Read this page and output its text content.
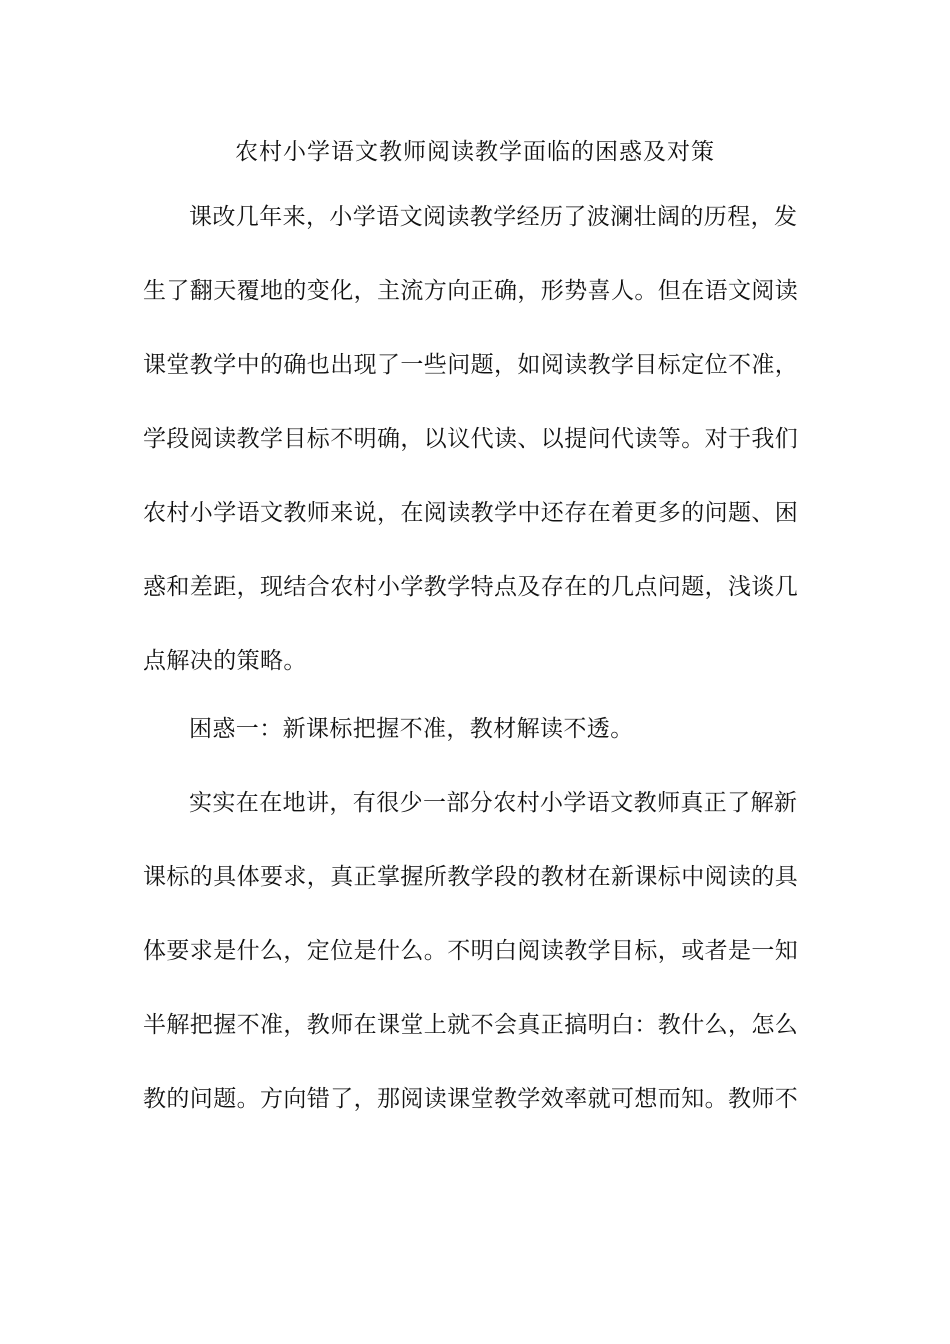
农村小学语文教师阅读教学面临的困惑及对策
课改几年来，小学语文阅读教学经历了波澜壮阔的历程，发
生了翻天覆地的变化，主流方向正确，形势喜人。但在语文阅读
课堂教学中的确也出现了一些问题，如阅读教学目标定位不准，
学段阅读教学目标不明确，以议代读、以提问代读等。对于我们
农村小学语文教师来说，在阅读教学中还存在着更多的问题、困
惑和差距，现结合农村小学教学特点及存在的几点问题，浅谈几
点解决的策略。
困惑一：新课标把握不准，教材解读不透。
实实在在地讲，有很少一部分农村小学语文教师真正了解新
课标的具体要求，真正掌握所教学段的教材在新课标中阅读的具
体要求是什么，定位是什么。不明白阅读教学目标，或者是一知
半解把握不准，教师在课堂上就不会真正搞明白：教什么，怎么
教的问题。方向错了，那阅读课堂教学效率就可想而知。教师不
